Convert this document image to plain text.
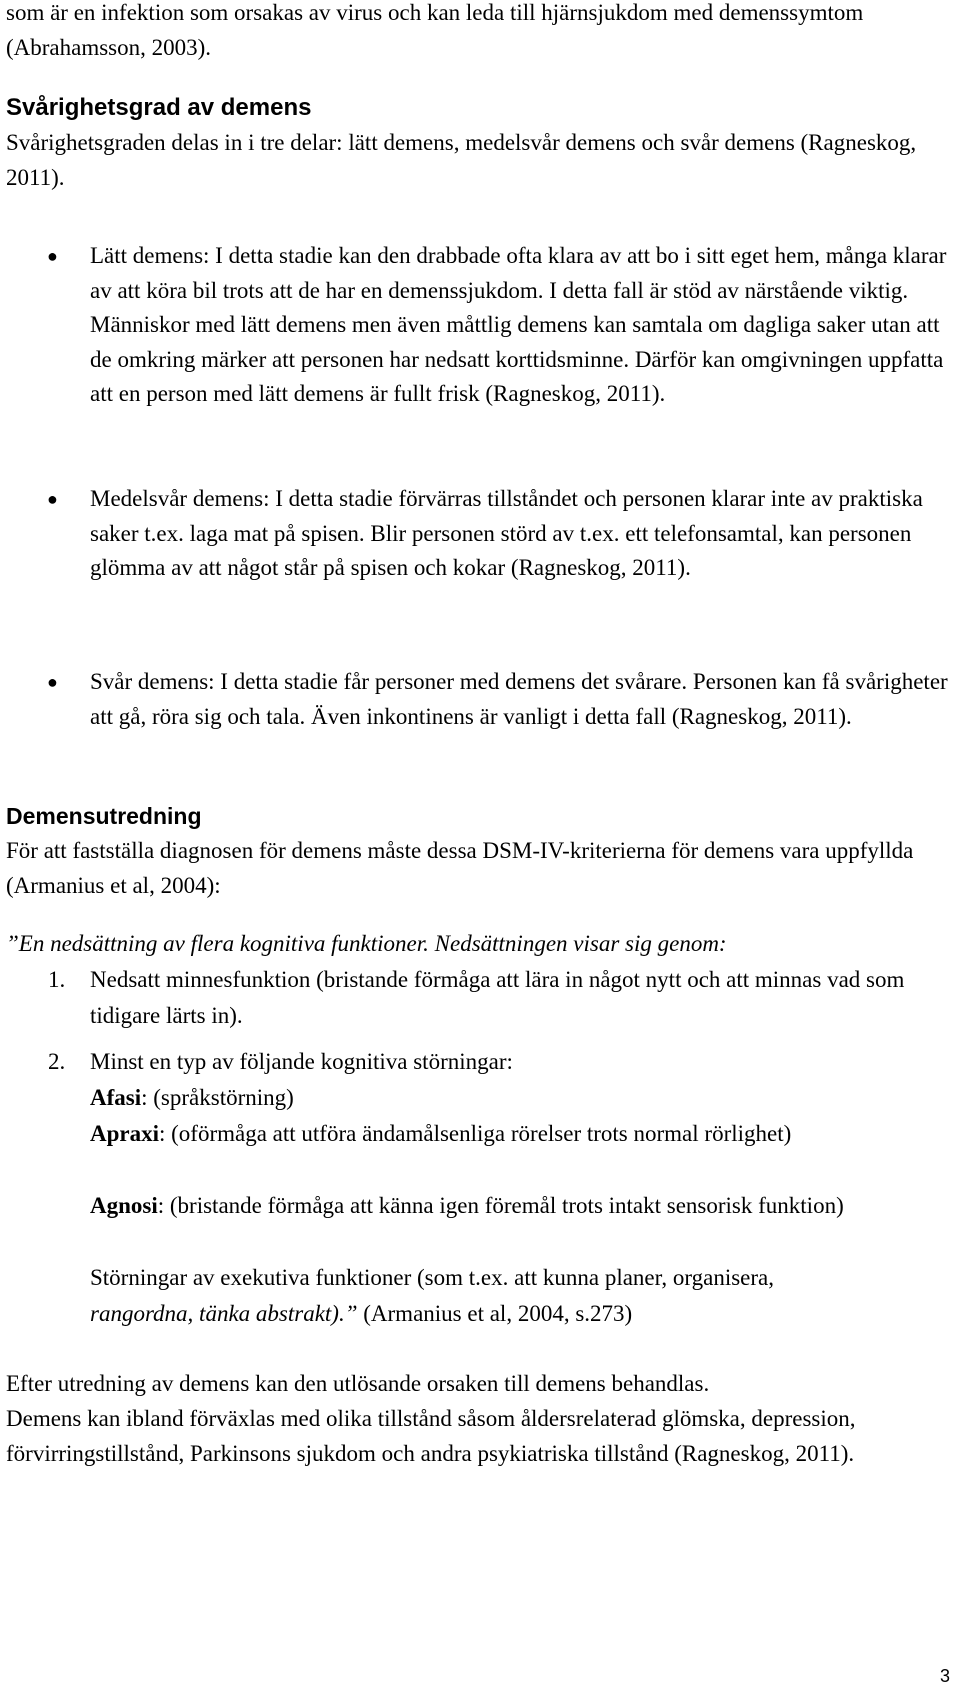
som är en infektion som orsakas av virus och kan leda till hjärnsjukdom med demenssymtom (Abrahamsson, 2003).

Svårighetsgrad av demens

Svårighetsgraden delas in i tre delar: lätt demens, medelsvår demens och svår demens (Ragneskog, 2011).

● Lätt demens: I detta stadie kan den drabbade ofta klara av att bo i sitt eget hem, många klarar av att köra bil trots att de har en demenssjukdom. I detta fall är stöd av närstående viktig. Människor med lätt demens men även måttlig demens kan samtala om dagliga saker utan att de omkring märker att personen har nedsatt korttidsminne. Därför kan omgivningen uppfatta att en person med lätt demens är fullt frisk (Ragneskog, 2011).

● Medelsvår demens: I detta stadie förvärras tillståndet och personen klarar inte av praktiska saker t.ex. laga mat på spisen. Blir personen störd av t.ex. ett telefonsamtal, kan personen glömma av att något står på spisen och kokar (Ragneskog, 2011).

● Svår demens: I detta stadie får personer med demens det svårare. Personen kan få svårigheter att gå, röra sig och tala. Även inkontinens är vanligt i detta fall (Ragneskog, 2011).

Demensutredning

För att fastställa diagnosen för demens måste dessa DSM-IV-kriterierna för demens vara uppfyllda (Armanius et al, 2004):

”En nedsättning av flera kognitiva funktioner. Nedsättningen visar sig genom:

1. Nedsatt minnesfunktion (bristande förmåga att lära in något nytt och att minnas vad som tidigare lärts in).

2. Minst en typ av följande kognitiva störningar:

Afasi: (språkstörning)

Apraxi: (oförmåga att utföra ändamålsenliga rörelser trots normal rörlighet)

Agnosi: (bristande förmåga att känna igen föremål trots intakt sensorisk funktion)

Störningar av exekutiva funktioner (som t.ex. att kunna planer, organisera,
rangordna, tänka abstrakt).” (Armanius et al, 2004, s.273)

Efter utredning av demens kan den utlösande orsaken till demens behandlas.

Demens kan ibland förväxlas med olika tillstånd såsom åldersrelaterad glömska, depression, förvirringstillstånd, Parkinsons sjukdom och andra psykiatriska tillstånd (Ragneskog, 2011).

3
